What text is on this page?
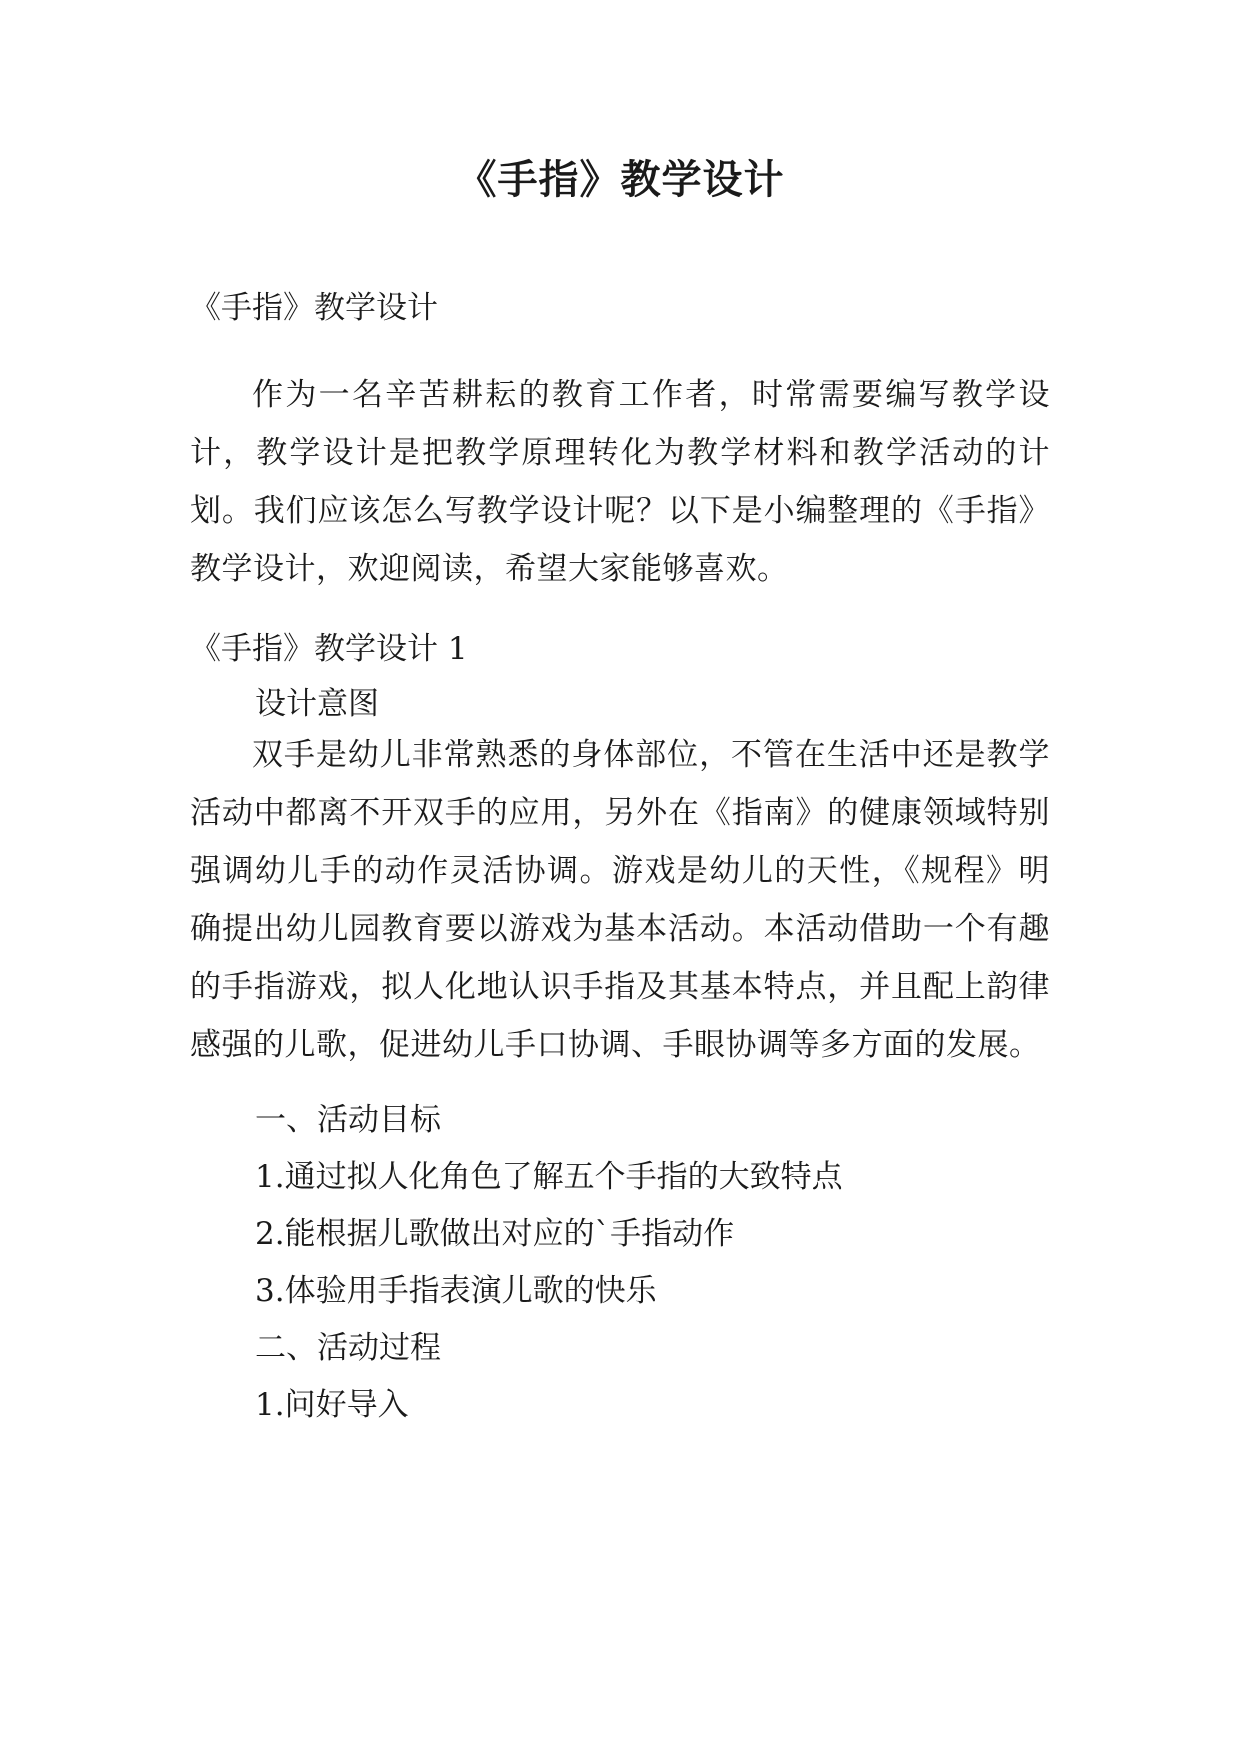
《手指》教学设计

《手指》教学设计

作为一名辛苦耕耘的教育工作者，时常需要编写教学设计，教学设计是把教学原理转化为教学材料和教学活动的计划。我们应该怎么写教学设计呢？以下是小编整理的《手指》教学设计，欢迎阅读，希望大家能够喜欢。

《手指》教学设计 1

设计意图

双手是幼儿非常熟悉的身体部位，不管在生活中还是教学活动中都离不开双手的应用，另外在《指南》的健康领域特别强调幼儿手的动作灵活协调。游戏是幼儿的天性，《规程》明确提出幼儿园教育要以游戏为基本活动。本活动借助一个有趣的手指游戏，拟人化地认识手指及其基本特点，并且配上韵律感强的儿歌，促进幼儿手口协调、手眼协调等多方面的发展。

一、活动目标

1.通过拟人化角色了解五个手指的大致特点

2.能根据儿歌做出对应的`手指动作

3.体验用手指表演儿歌的快乐

二、活动过程

1.问好导入
